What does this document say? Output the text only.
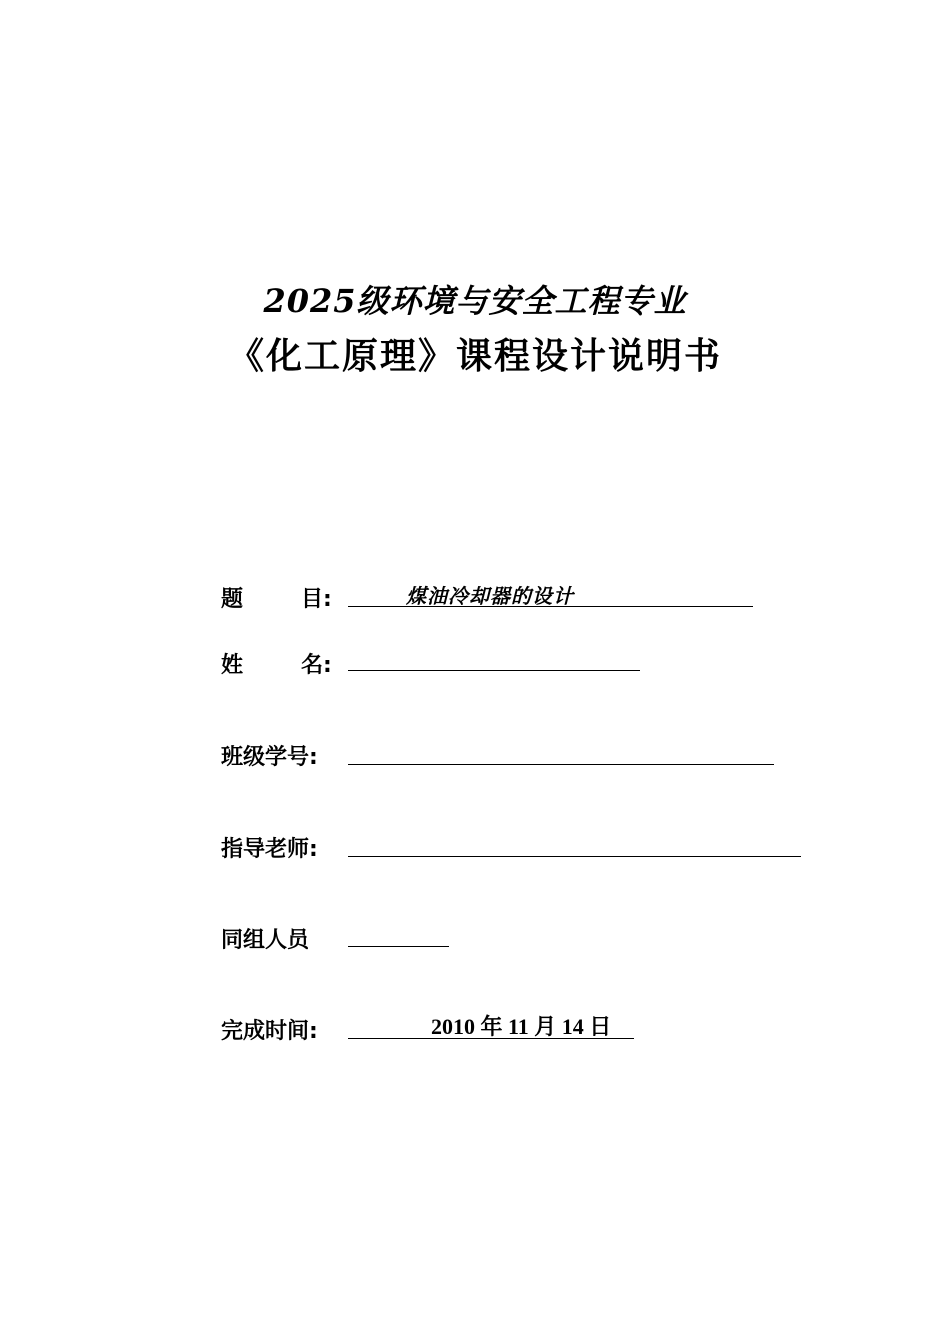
2025级环境与安全工程专业
《化工原理》课程设计说明书
题 目:	煤油冷却器的设计
姓 名:
班级学号:
指导老师:
同组人员
完成时间:	2010 年 11 月 14 日
